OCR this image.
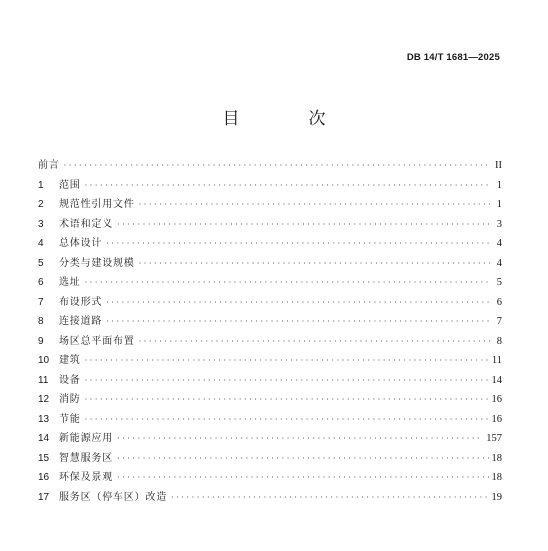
DB 14/T 1681—2025
目　次
前言 ·····	II
1	范围 ·····	1
2	规范性引用文件 ·····	1
3	术语和定义 ·····	3
4	总体设计 ·····	4
5	分类与建设规模 ·····	4
6	选址 ·····	5
7	布设形式 ·····	6
8	连接道路 ·····	7
9	场区总平面布置 ·····	8
10 建筑 ·····	11
11	设备 ·····	14
12 消防 ·····	16
13 节能 ·····	16
14 新能源应用 ·····	157
15 智慧服务区 ·····	18
16 环保及景观 ·····	18
17 服务区（停车区）改造 ·····	19
